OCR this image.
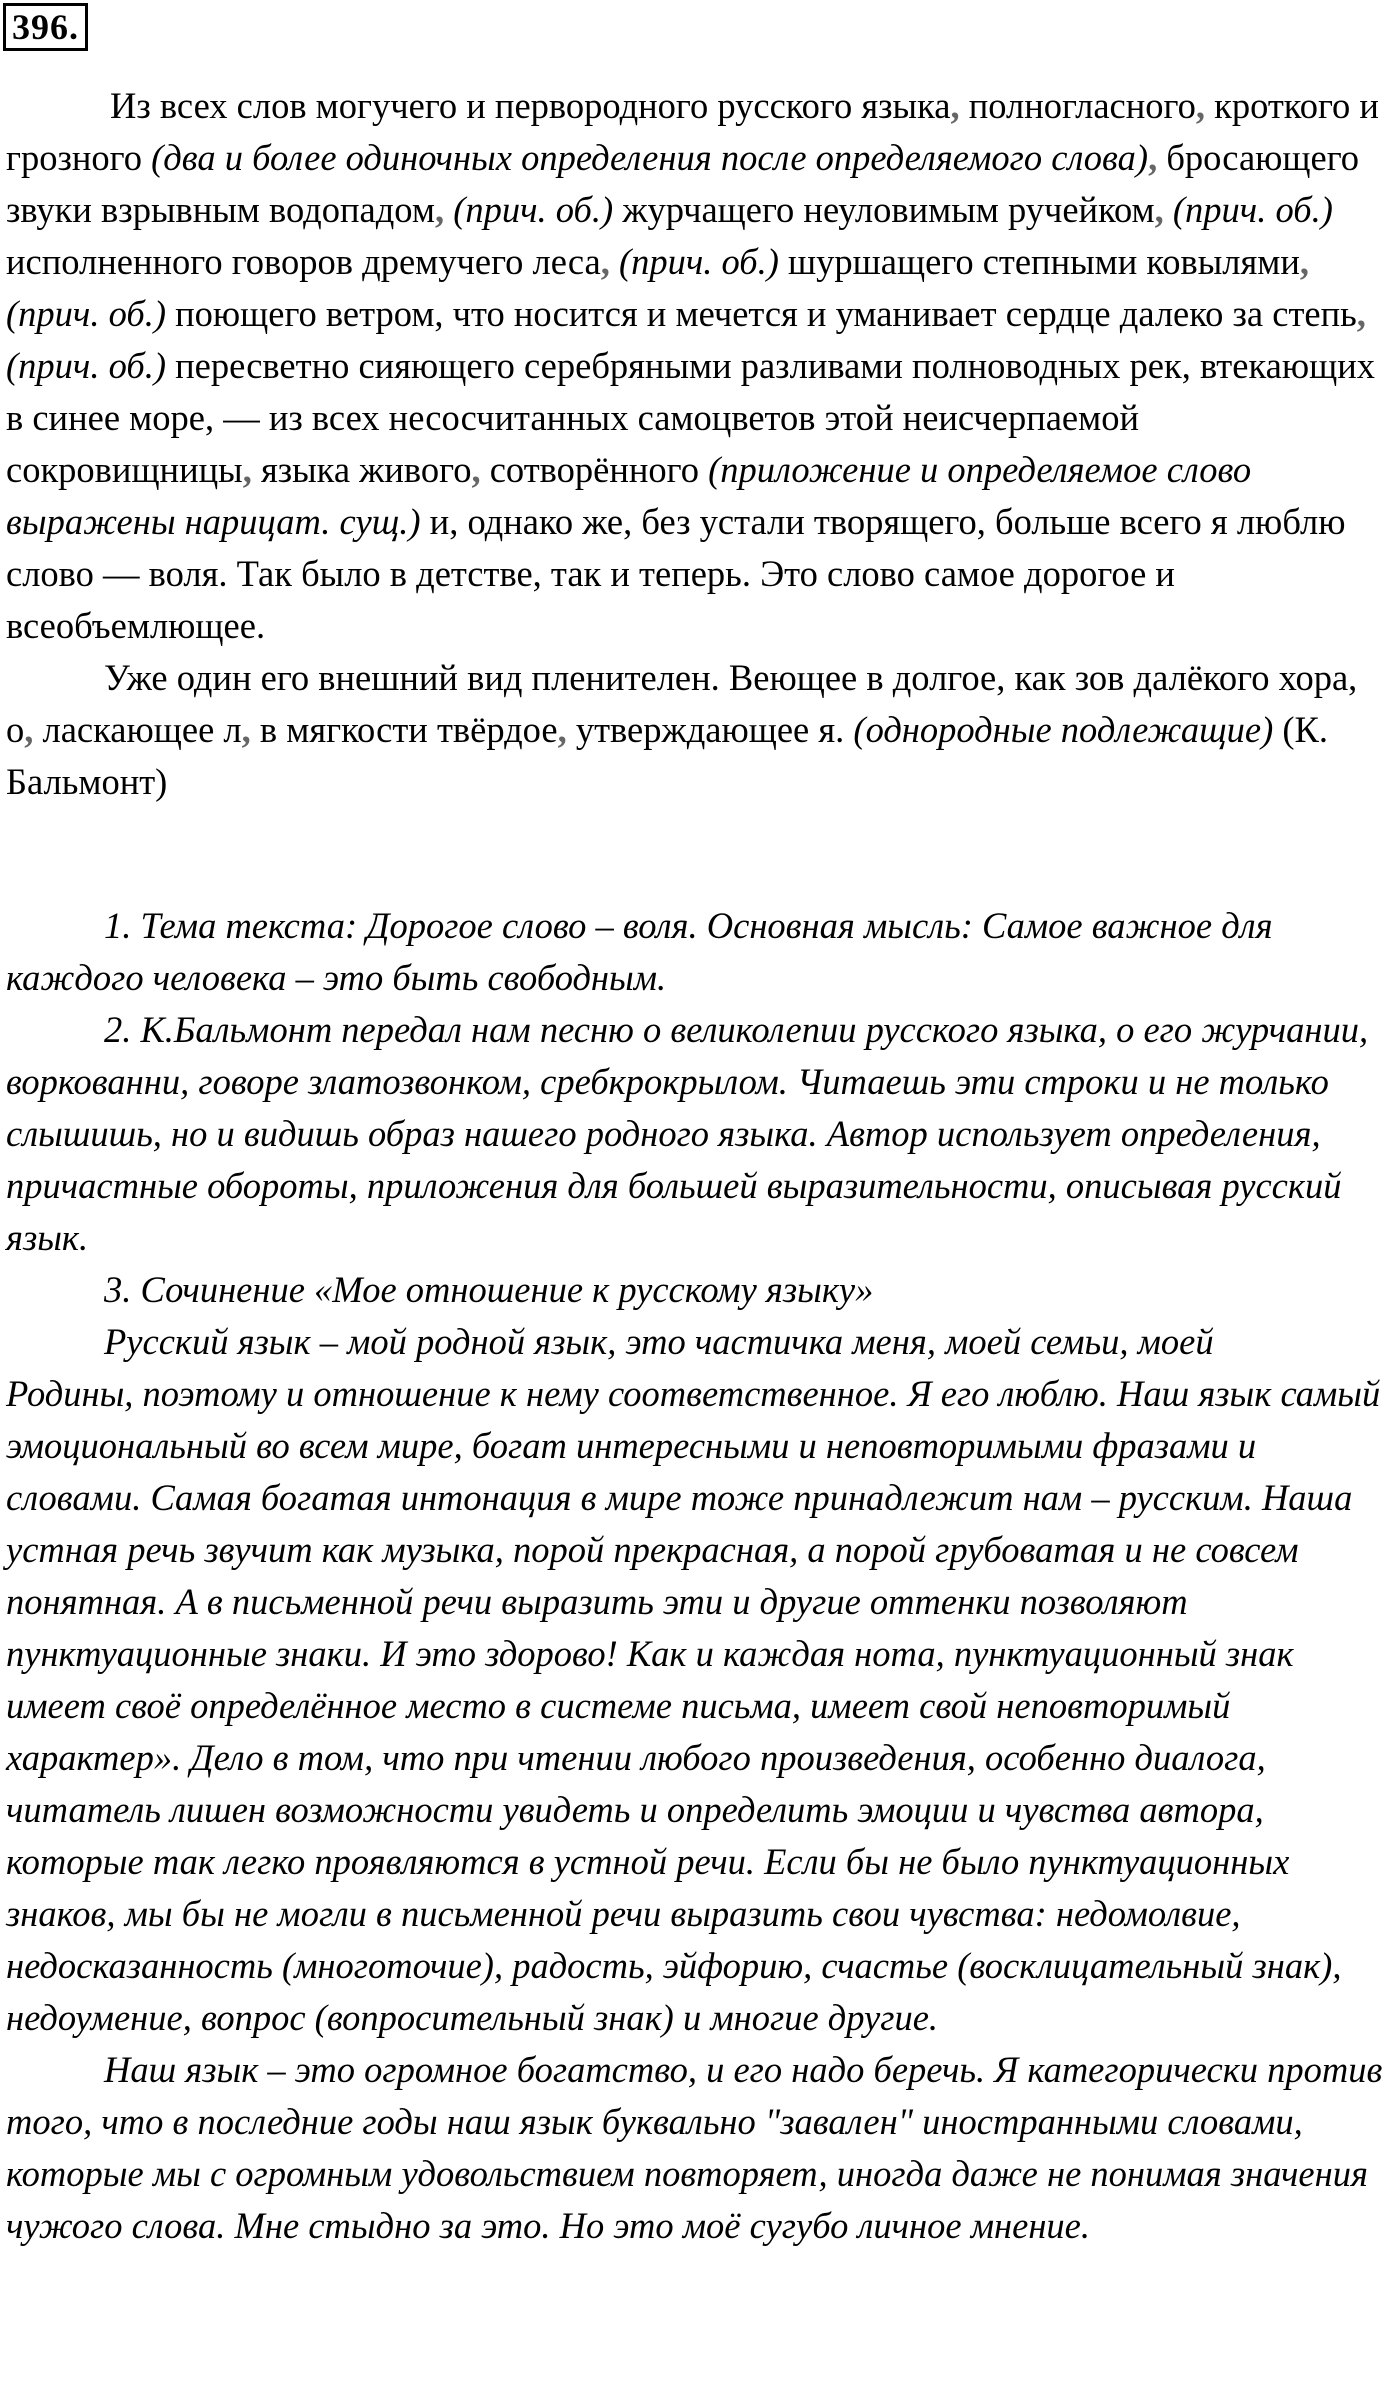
396.

Из всех слов могучего и первородного русского языка, полногласного, кроткого и грозного (два и более одиночных определения после определяемого слова), бросающего звуки взрывным водопадом, (прич. об.) журчащего неуловимым ручейком, (прич. об.) исполненного говоров дремучего леса, (прич. об.) шуршащего степными ковылями, (прич. об.) поющего ветром, что носится и мечется и уманивает сердце далеко за степь, (прич. об.) пересветно сияющего серебряными разливами полноводных рек, втекающих в синее море, — из всех несосчитанных самоцветов этой неисчерпаемой сокровищницы, языка живого, сотворённого (приложение и определяемое слово выражены нарицат. сущ.) и, однако же, без устали творящего, больше всего я люблю слово — воля. Так было в детстве, так и теперь. Это слово самое дорогое и всеобъемлющее.

Уже один его внешний вид пленителен. Веющее в долгое, как зов далёкого хора, о, ласкающее л, в мягкости твёрдое, утверждающее я. (однородные подлежащие) (К. Бальмонт)

1. Тема текста: Дорогое слово – воля. Основная мысль: Самое важное для каждого человека – это быть свободным.

2. К.Бальмонт передал нам песню о великолепии русского языка, о его журчании, воркованни, говоре златозвонком, сребкрокрылом. Читаешь эти строки и не только слышишь, но и видишь образ нашего родного языка. Автор использует определения, причастные обороты, приложения для большей выразительности, описывая русский язык.

3. Сочинение «Мое отношение к русскому языку»

Русский язык – мой родной язык, это частичка меня, моей семьи, моей

Родины, поэтому и отношение к нему соответственное. Я его люблю. Наш язык самый эмоциональный во всем мире, богат интересными и неповторимыми фразами и словами. Самая богатая интонация в мире тоже принадлежит нам – русским. Наша устная речь звучит как музыка, порой прекрасная, а порой грубоватая и не совсем понятная. А в письменной речи выразить эти и другие оттенки позволяют пунктуационные знаки. И это здорово! Как и каждая нота, пунктуационный знак имеет своё определённое место в системе письма, имеет свой неповторимый характер». Дело в том, что при чтении любого произведения, особенно диалога, читатель лишен возможности увидеть и определить эмоции и чувства автора, которые так легко проявляются в устной речи. Если бы не было пунктуационных знаков, мы бы не могли в письменной речи выразить свои чувства: недомолвие, недосказанность (многоточие), радость, эйфорию, счастье (восклицательный знак), недоумение, вопрос (вопросительный знак) и многие другие.

Наш язык – это огромное богатство, и его надо беречь. Я категорически против того, что в последние годы наш язык буквально "завален" иностранными словами, которые мы с огромным удовольствием повторяет, иногда даже не понимая значения чужого слова. Мне стыдно за это. Но это моё сугубо личное мнение.
